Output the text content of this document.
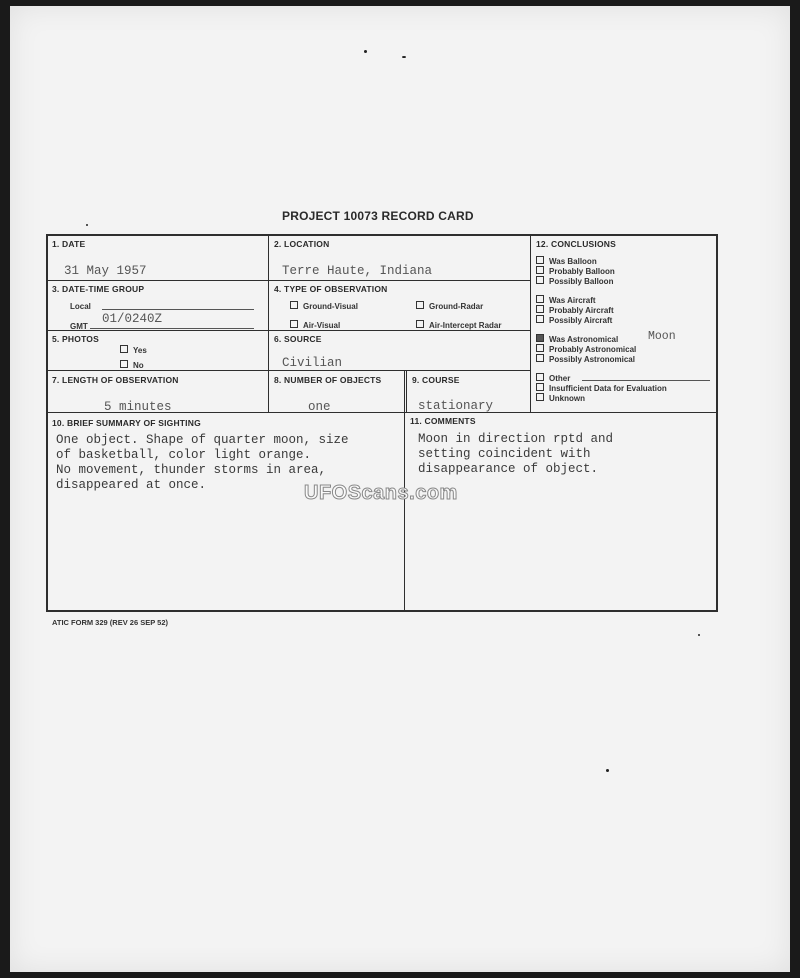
PROJECT 10073 RECORD CARD
1. DATE
31 May 1957
2. LOCATION
Terre Haute, Indiana
3. DATE-TIME GROUP
Local
GMT
01/0240Z
4. TYPE OF OBSERVATION
Ground-Visual	Ground-Radar
Air-Visual	Air-Intercept Radar
5. PHOTOS
Yes
No
6. SOURCE
Civilian
7. LENGTH OF OBSERVATION
5 minutes
8. NUMBER OF OBJECTS
one
9. COURSE
stationary
10. BRIEF SUMMARY OF SIGHTING
One object. Shape of quarter moon, size
of basketball, color light orange.
No movement, thunder storms in area,
disappeared at once.
11. COMMENTS
Moon in direction rptd and
setting coincident with
disappearance of object.
12. CONCLUSIONS
Was Balloon
Probably Balloon
Possibly Balloon
Was Aircraft
Probably Aircraft
Possibly Aircraft
Was Astronomical	Moon
Probably Astronomical
Possibly Astronomical
Other
Insufficient Data for Evaluation
Unknown
UFOScans.com
ATIC FORM 329 (REV 26 SEP 52)
